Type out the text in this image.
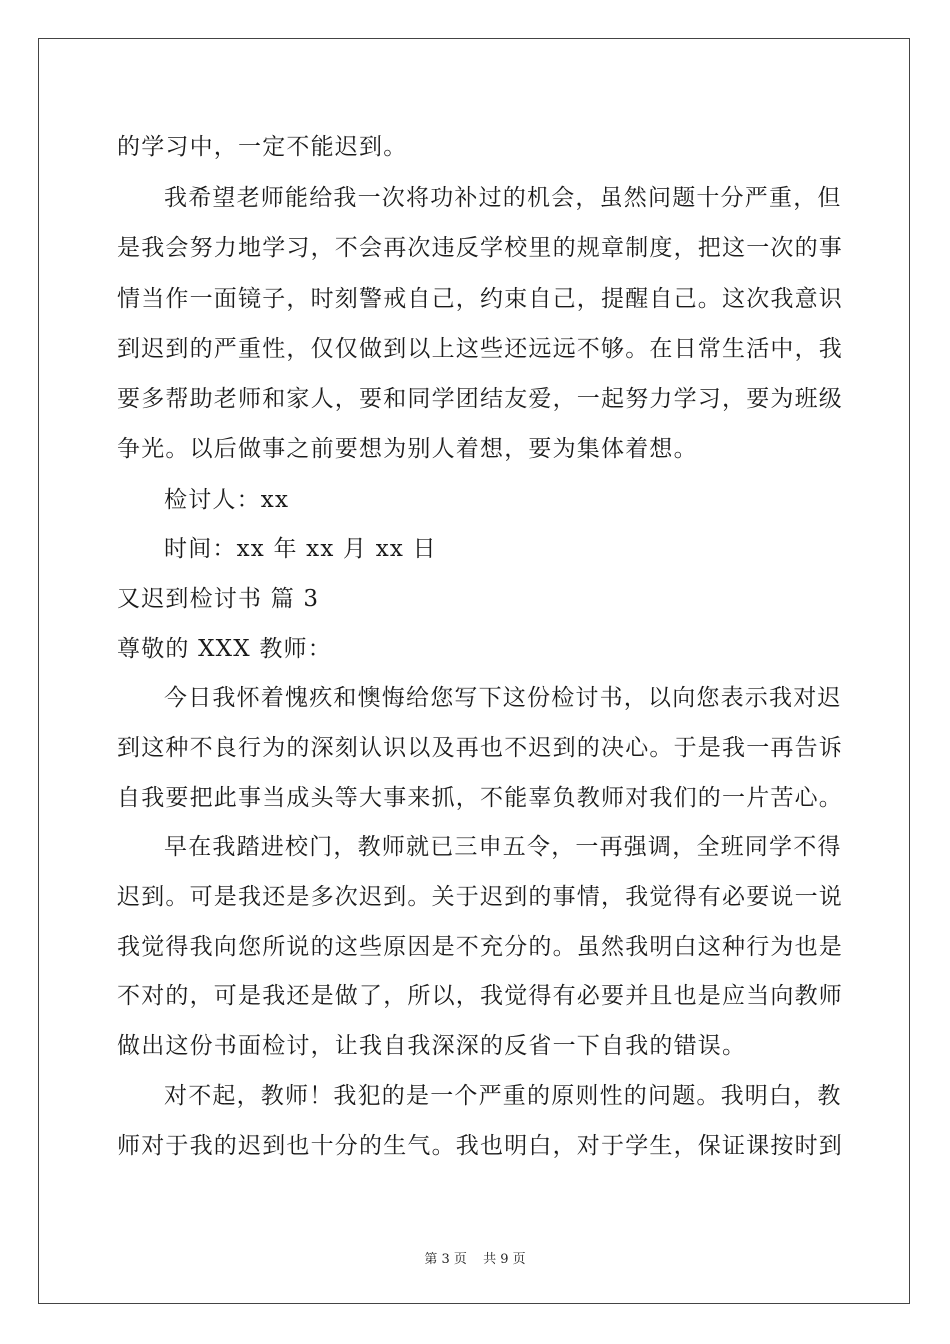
的学习中，一定不能迟到。
我希望老师能给我一次将功补过的机会，虽然问题十分严重，但
是我会努力地学习，不会再次违反学校里的规章制度，把这一次的事
情当作一面镜子，时刻警戒自己，约束自己，提醒自己。这次我意识
到迟到的严重性，仅仅做到以上这些还远远不够。在日常生活中，我
要多帮助老师和家人，要和同学团结友爱，一起努力学习，要为班级
争光。以后做事之前要想为别人着想，要为集体着想。
检讨人：xx
时间：xx 年 xx 月 xx 日
又迟到检讨书 篇 3
尊敬的 XXX 教师：
今日我怀着愧疚和懊悔给您写下这份检讨书，以向您表示我对迟
到这种不良行为的深刻认识以及再也不迟到的决心。于是我一再告诉
自我要把此事当成头等大事来抓，不能辜负教师对我们的一片苦心。
早在我踏进校门，教师就已三申五令，一再强调，全班同学不得
迟到。可是我还是多次迟到。关于迟到的事情，我觉得有必要说一说
我觉得我向您所说的这些原因是不充分的。虽然我明白这种行为也是
不对的，可是我还是做了，所以，我觉得有必要并且也是应当向教师
做出这份书面检讨，让我自我深深的反省一下自我的错误。
对不起，教师！我犯的是一个严重的原则性的问题。我明白，教
师对于我的迟到也十分的生气。我也明白，对于学生，保证课按时到
第 3 页 共 9 页
